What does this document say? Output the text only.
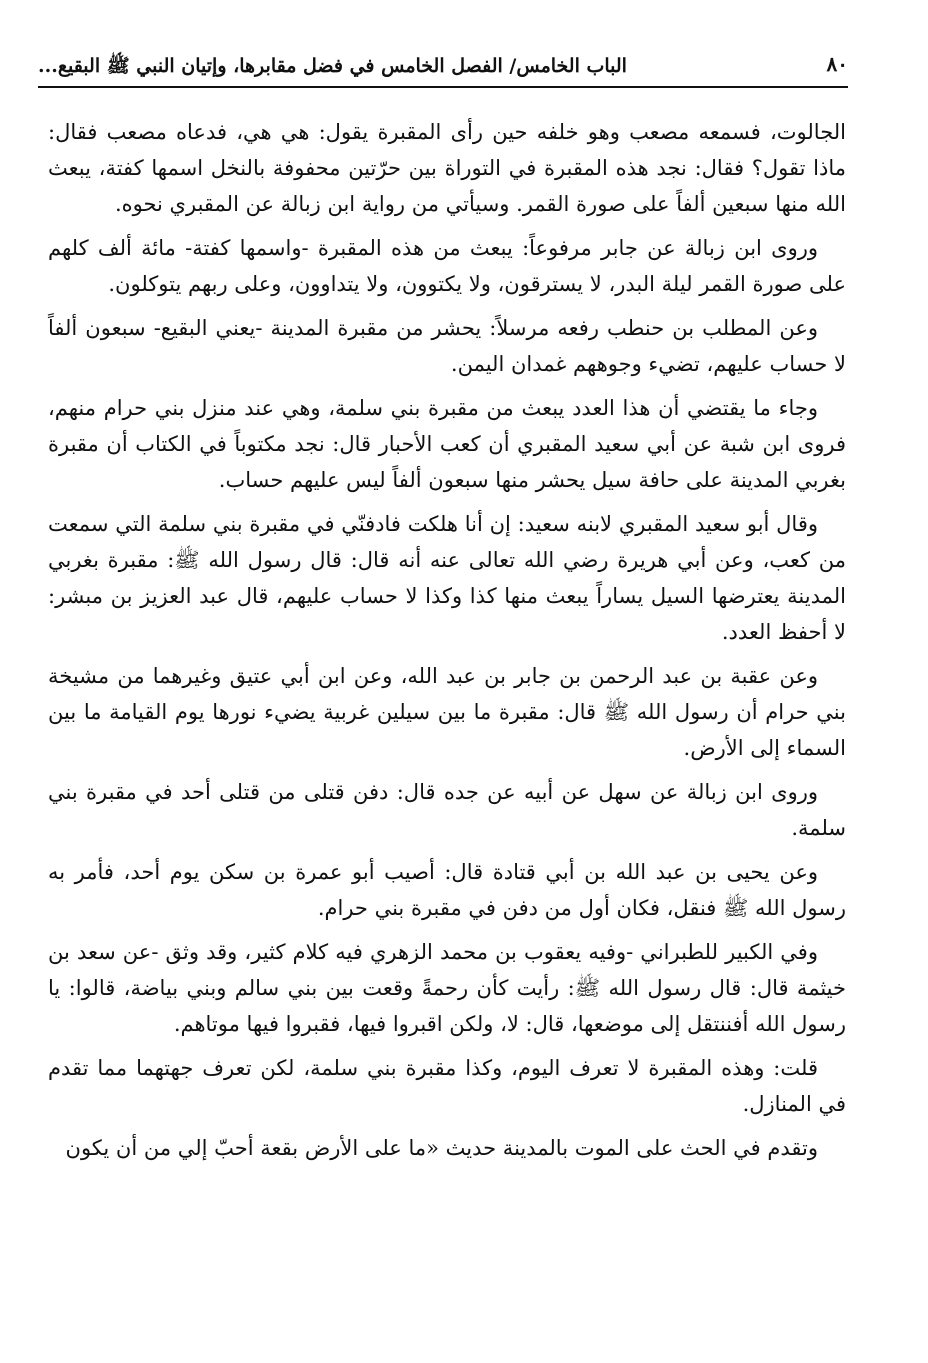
٨٠
الباب الخامس/ الفصل الخامس في فضل مقابرها، وإتيان النبي ﷺ البقيع...

الجالوت، فسمعه مصعب وهو خلفه حين رأى المقبرة يقول: هي هي، فدعاه مصعب فقال: ماذا تقول؟ فقال: نجد هذه المقبرة في التوراة بين حرّتين محفوفة بالنخل اسمها كفتة، يبعث الله منها سبعين ألفاً على صورة القمر. وسيأتي من رواية ابن زبالة عن المقبري نحوه.

وروى ابن زبالة عن جابر مرفوعاً: يبعث من هذه المقبرة -واسمها كفتة- مائة ألف كلهم على صورة القمر ليلة البدر، لا يسترقون، ولا يكتوون، ولا يتداوون، وعلى ربهم يتوكلون.

وعن المطلب بن حنطب رفعه مرسلاً: يحشر من مقبرة المدينة -يعني البقيع- سبعون ألفاً لا حساب عليهم، تضيء وجوههم غمدان اليمن.

وجاء ما يقتضي أن هذا العدد يبعث من مقبرة بني سلمة، وهي عند منزل بني حرام منهم، فروى ابن شبة عن أبي سعيد المقبري أن كعب الأحبار قال: نجد مكتوباً في الكتاب أن مقبرة بغربي المدينة على حافة سيل يحشر منها سبعون ألفاً ليس عليهم حساب.

وقال أبو سعيد المقبري لابنه سعيد: إن أنا هلكت فادفنّي في مقبرة بني سلمة التي سمعت من كعب، وعن أبي هريرة رضي الله تعالى عنه أنه قال: قال رسول الله ﷺ: مقبرة بغربي المدينة يعترضها السيل يساراً يبعث منها كذا وكذا لا حساب عليهم، قال عبد العزيز بن مبشر: لا أحفظ العدد.

وعن عقبة بن عبد الرحمن بن جابر بن عبد الله، وعن ابن أبي عتيق وغيرهما من مشيخة بني حرام أن رسول الله ﷺ قال: مقبرة ما بين سيلين غربية يضيء نورها يوم القيامة ما بين السماء إلى الأرض.

وروى ابن زبالة عن سهل عن أبيه عن جده قال: دفن قتلى من قتلى أحد في مقبرة بني سلمة.

وعن يحيى بن عبد الله بن أبي قتادة قال: أصيب أبو عمرة بن سكن يوم أحد، فأمر به رسول الله ﷺ فنقل، فكان أول من دفن في مقبرة بني حرام.

وفي الكبير للطبراني -وفيه يعقوب بن محمد الزهري فيه كلام كثير، وقد وثق -عن سعد بن خيثمة قال: قال رسول الله ﷺ: رأيت كأن رحمةً وقعت بين بني سالم وبني بياضة، قالوا: يا رسول الله أفننتقل إلى موضعها، قال: لا، ولكن اقبروا فيها، فقبروا فيها موتاهم.

قلت: وهذه المقبرة لا تعرف اليوم، وكذا مقبرة بني سلمة، لكن تعرف جهتهما مما تقدم في المنازل.

وتقدم في الحث على الموت بالمدينة حديث «ما على الأرض بقعة أحبّ إلي من أن يكون
